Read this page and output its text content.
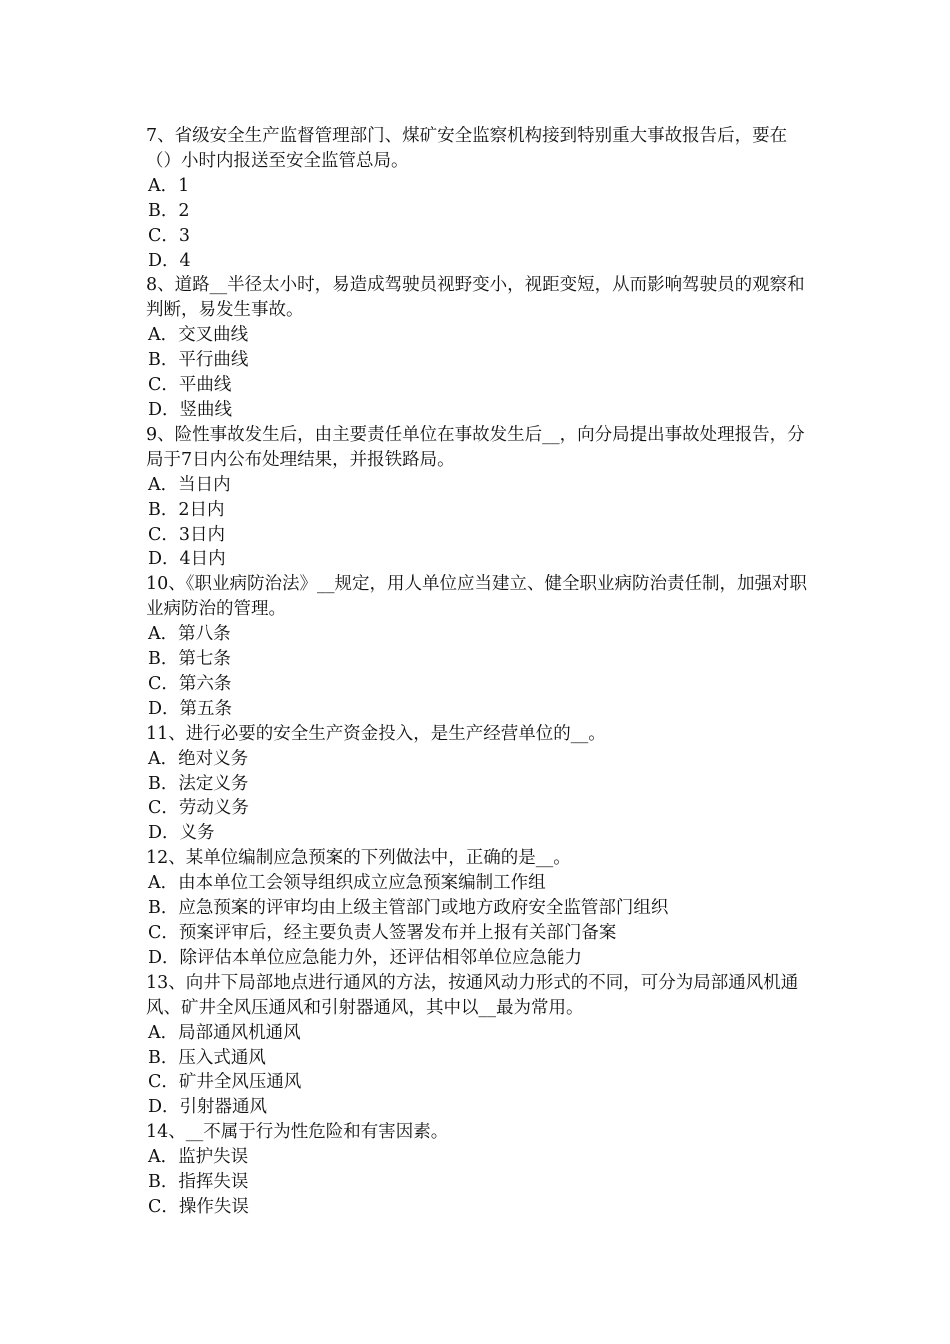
7、省级安全生产监督管理部门、煤矿安全监察机构接到特别重大事故报告后，要在（）小时内报送至安全监管总局。

A．1

B．2

C．3

D．4

8、道路__半径太小时，易造成驾驶员视野变小，视距变短，从而影响驾驶员的观察和判断，易发生事故。

A．交叉曲线

B．平行曲线

C．平曲线

D．竖曲线

9、险性事故发生后，由主要责任单位在事故发生后__，向分局提出事故处理报告，分局于7日内公布处理结果，并报铁路局。

A．当日内

B．2日内

C．3日内

D．4日内

10、《职业病防治法》__规定，用人单位应当建立、健全职业病防治责任制，加强对职业病防治的管理。

A．第八条

B．第七条

C．第六条

D．第五条

11、进行必要的安全生产资金投入，是生产经营单位的__。

A．绝对义务

B．法定义务

C．劳动义务

D．义务

12、某单位编制应急预案的下列做法中，正确的是__。

A．由本单位工会领导组织成立应急预案编制工作组

B．应急预案的评审均由上级主管部门或地方政府安全监管部门组织

C．预案评审后，经主要负责人签署发布并上报有关部门备案

D．除评估本单位应急能力外，还评估相邻单位应急能力

13、向井下局部地点进行通风的方法，按通风动力形式的不同，可分为局部通风机通风、矿井全风压通风和引射器通风，其中以__最为常用。

A．局部通风机通风

B．压入式通风

C．矿井全风压通风

D．引射器通风

14、__不属于行为性危险和有害因素。

A．监护失误

B．指挥失误

C．操作失误
